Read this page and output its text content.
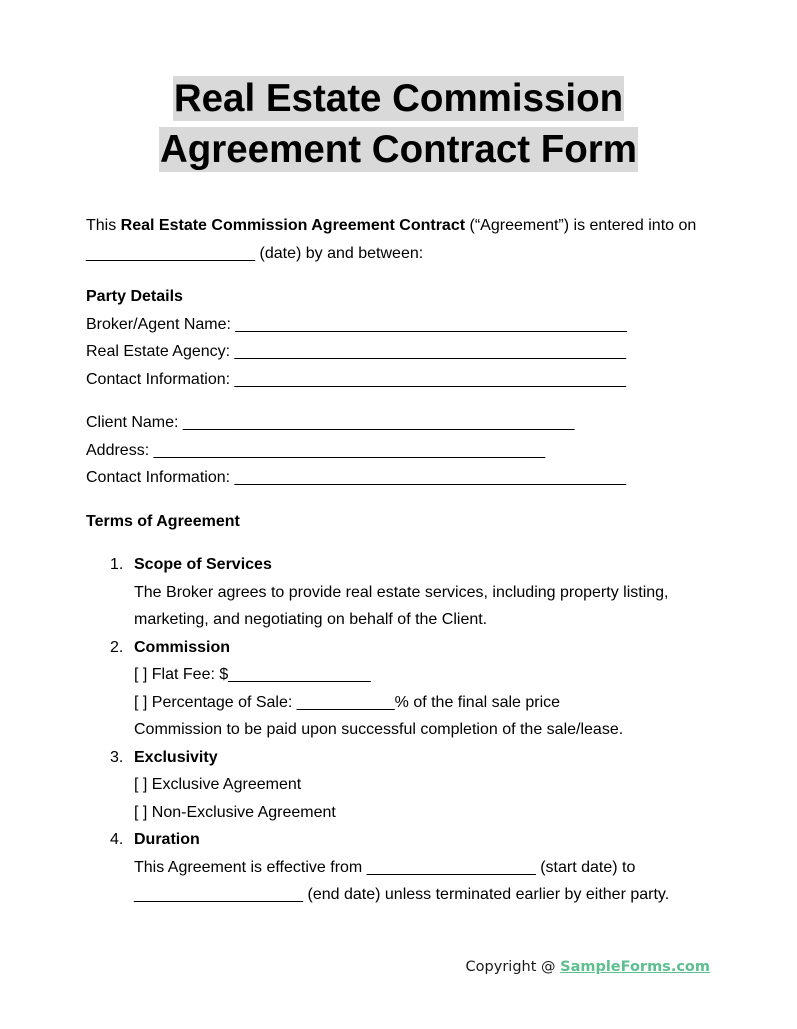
Real Estate Commission
Agreement Contract Form

This Real Estate Commission Agreement Contract (“Agreement”) is entered into on
___________________ (date) by and between:

Party Details
Broker/Agent Name: ____________________________________________
Real Estate Agency: ____________________________________________
Contact Information: ____________________________________________
Client Name: ____________________________________________
Address: ____________________________________________
Contact Information: ____________________________________________
Terms of Agreement
1. Scope of Services
The Broker agrees to provide real estate services, including property listing,
marketing, and negotiating on behalf of the Client.
2. Commission
[ ] Flat Fee: $________________
[ ] Percentage of Sale: ___________% of the final sale price
Commission to be paid upon successful completion of the sale/lease.
3. Exclusivity
[ ] Exclusive Agreement
[ ] Non-Exclusive Agreement
4. Duration
This Agreement is effective from ___________________ (start date) to
___________________ (end date) unless terminated earlier by either party.
Copyright @ SampleForms.com
